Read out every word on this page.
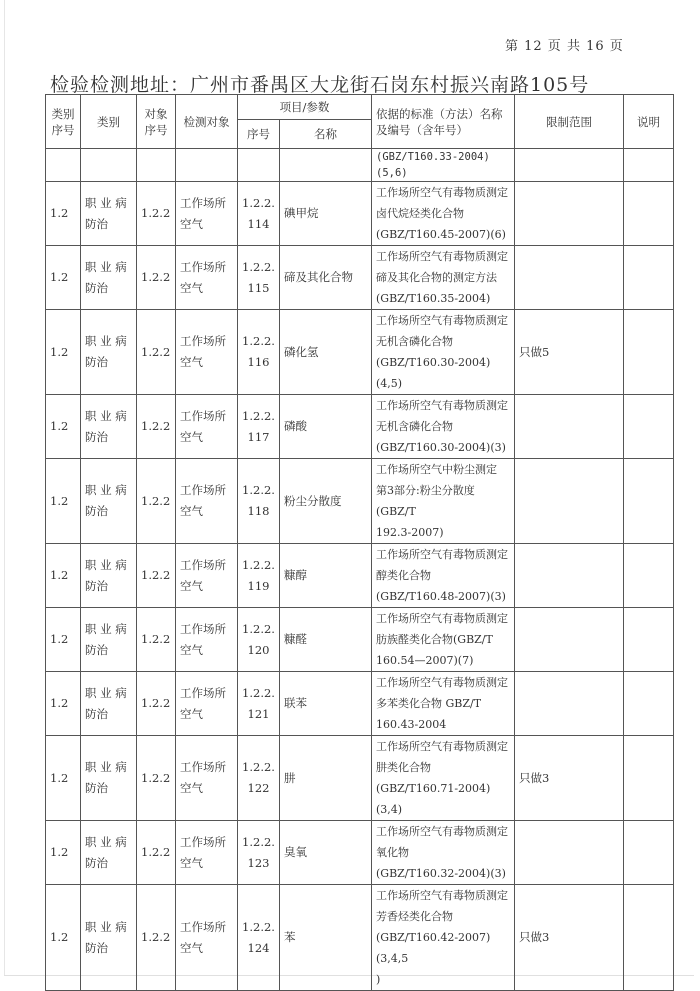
第 12 页 共 16 页
检验检测地址：广州市番禺区大龙街石岗东村振兴南路105号
类别序号	类别	对象序号	检测对象	项目/参数		依据的标准（方法）名称及编号（含年号）	限制范围	说明
				序号	名称			
						(GBZ/T160.33-2004)(5,6)		
1.2	职 业 病 防治	1.2.2	工作场所空气	1.2.2.114	碘甲烷	工作场所空气有毒物质测定
卤代烷烃类化合物
(GBZ/T160.45-2007)(6)		

1.2	职 业 病 防治	1.2.2	工作场所空气	1.2.2.115	碲及其化合物	工作场所空气有毒物质测定
碲及其化合物的测定方法
(GBZ/T160.35-2004)		

1.2	职 业 病 防治	1.2.2	工作场所空气	1.2.2.116	磷化氢	工作场所空气有毒物质测定
无机含磷化合物
(GBZ/T160.30-2004)(4,5)	只做5	
1.2	职 业 病 防治	1.2.2	工作场所空气	1.2.2.117	磷酸	工作场所空气有毒物质测定
无机含磷化合物
(GBZ/T160.30-2004)(3)		

1.2	职 业 病 防治	1.2.2	工作场所空气	1.2.2.118	粉尘分散度	工作场所空气中粉尘测定
第3部分:粉尘分散度(GBZ/T
192.3-2007)		

1.2	职 业 病 防治	1.2.2	工作场所空气	1.2.2.119	糠醇	工作场所空气有毒物质测定
醇类化合物
(GBZ/T160.48-2007)(3)		

1.2	职 业 病 防治	1.2.2	工作场所空气	1.2.2.120	糠醛	工作场所空气有毒物质测定
肪族醛类化合物(GBZ/T
160.54—2007)(7)		

1.2	职 业 病 防治	1.2.2	工作场所空气	1.2.2.121	联苯	工作场所空气有毒物质测定
多苯类化合物 GBZ/T
160.43-2004		

1.2	职 业 病 防治	1.2.2	工作场所空气	1.2.2.122	肼	工作场所空气有毒物质测定
肼类化合物
(GBZ/T160.71-2004)(3,4)	只做3	
1.2	职 业 病 防治	1.2.2	工作场所空气	1.2.2.123	臭氧	工作场所空气有毒物质测定
氧化物
(GBZ/T160.32-2004)(3)		

1.2	职 业 病 防治	1.2.2	工作场所空气	1.2.2.124	苯	工作场所空气有毒物质测定
芳香烃类化合物
(GBZ/T160.42-2007)(3,4,5
)	只做3	
